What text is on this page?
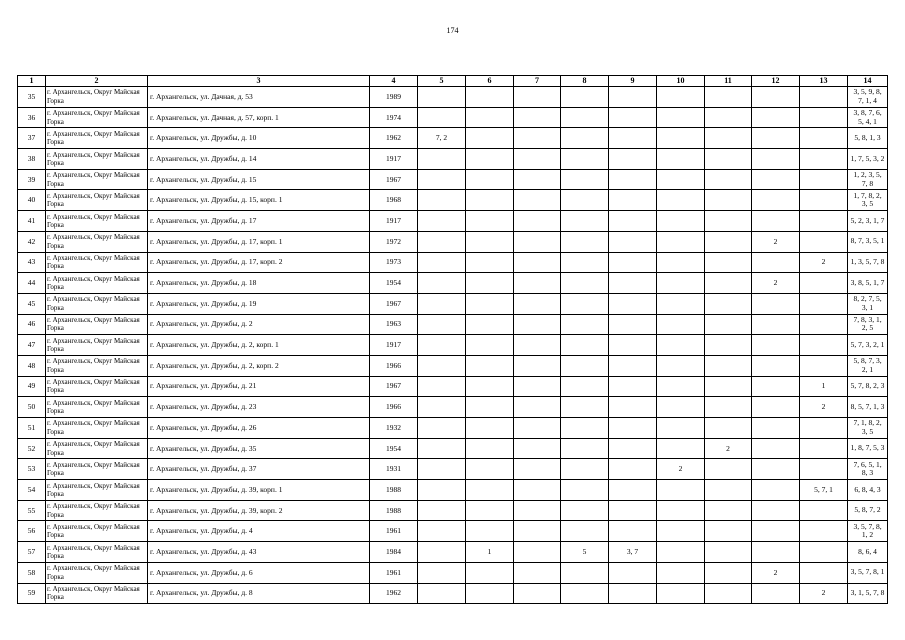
174
1	2	3	4	5	6	7	8	9	10	11	12	13	14
35	г. Архангельск, Округ Майская Горка	г. Архангельск, ул. Дачная, д. 53	1989										3, 5, 9, 8, 7, 1, 4
36	г. Архангельск, Округ Майская Горка	г. Архангельск, ул. Дачная, д. 57, корп. 1	1974										3, 8, 7, 6, 5, 4, 1
37	г. Архангельск, Округ Майская Горка	г. Архангельск, ул. Дружбы, д. 10	1962	7, 2									5, 8, 1, 3
38	г. Архангельск, Округ Майская Горка	г. Архангельск, ул. Дружбы, д. 14	1917										1, 7, 5, 3, 2
39	г. Архангельск, Округ Майская Горка	г. Архангельск, ул. Дружбы, д. 15	1967										1, 2, 3, 5, 7, 8
40	г. Архангельск, Округ Майская Горка	г. Архангельск, ул. Дружбы, д. 15, корп. 1	1968										1, 7, 8, 2, 3, 5
41	г. Архангельск, Округ Майская Горка	г. Архангельск, ул. Дружбы, д. 17	1917										5, 2, 3, 1, 7
42	г. Архангельск, Округ Майская Горка	г. Архангельск, ул. Дружбы, д. 17, корп. 1	1972								2		8, 7, 3, 5, 1
43	г. Архангельск, Округ Майская Горка	г. Архангельск, ул. Дружбы, д. 17, корп. 2	1973									2	1, 3, 5, 7, 8
44	г. Архангельск, Округ Майская Горка	г. Архангельск, ул. Дружбы, д. 18	1954								2		3, 8, 5, 1, 7
45	г. Архангельск, Округ Майская Горка	г. Архангельск, ул. Дружбы, д. 19	1967										8, 2, 7, 5, 3, 1
46	г. Архангельск, Округ Майская Горка	г. Архангельск, ул. Дружбы, д. 2	1963										7, 8, 3, 1, 2, 5
47	г. Архангельск, Округ Майская Горка	г. Архангельск, ул. Дружбы, д. 2, корп. 1	1917										5, 7, 3, 2, 1
48	г. Архангельск, Округ Майская Горка	г. Архангельск, ул. Дружбы, д. 2, корп. 2	1966										5, 8, 7, 3, 2, 1
49	г. Архангельск, Округ Майская Горка	г. Архангельск, ул. Дружбы, д. 21	1967									1	5, 7, 8, 2, 3
50	г. Архангельск, Округ Майская Горка	г. Архангельск, ул. Дружбы, д. 23	1966									2	8, 5, 7, 1, 3
51	г. Архангельск, Округ Майская Горка	г. Архангельск, ул. Дружбы, д. 26	1932										7, 1, 8, 2, 3, 5
52	г. Архангельск, Округ Майская Горка	г. Архангельск, ул. Дружбы, д. 35	1954							2			1, 8, 7, 5, 3
53	г. Архангельск, Округ Майская Горка	г. Архангельск, ул. Дружбы, д. 37	1931						2				7, 6, 5, 1, 8, 3
54	г. Архангельск, Округ Майская Горка	г. Архангельск, ул. Дружбы, д. 39, корп. 1	1988									5, 7, 1	6, 8, 4, 3
55	г. Архангельск, Округ Майская Горка	г. Архангельск, ул. Дружбы, д. 39, корп. 2	1988										5, 8, 7, 2
56	г. Архангельск, Округ Майская Горка	г. Архангельск, ул. Дружбы, д. 4	1961										3, 5, 7, 8, 1, 2
57	г. Архангельск, Округ Майская Горка	г. Архангельск, ул. Дружбы, д. 43	1984		1		5	3, 7					8, 6, 4
58	г. Архангельск, Округ Майская Горка	г. Архангельск, ул. Дружбы, д. 6	1961								2		3, 5, 7, 8, 1
59	г. Архангельск, Округ Майская Горка	г. Архангельск, ул. Дружбы, д. 8	1962									2	3, 1, 5, 7, 8
